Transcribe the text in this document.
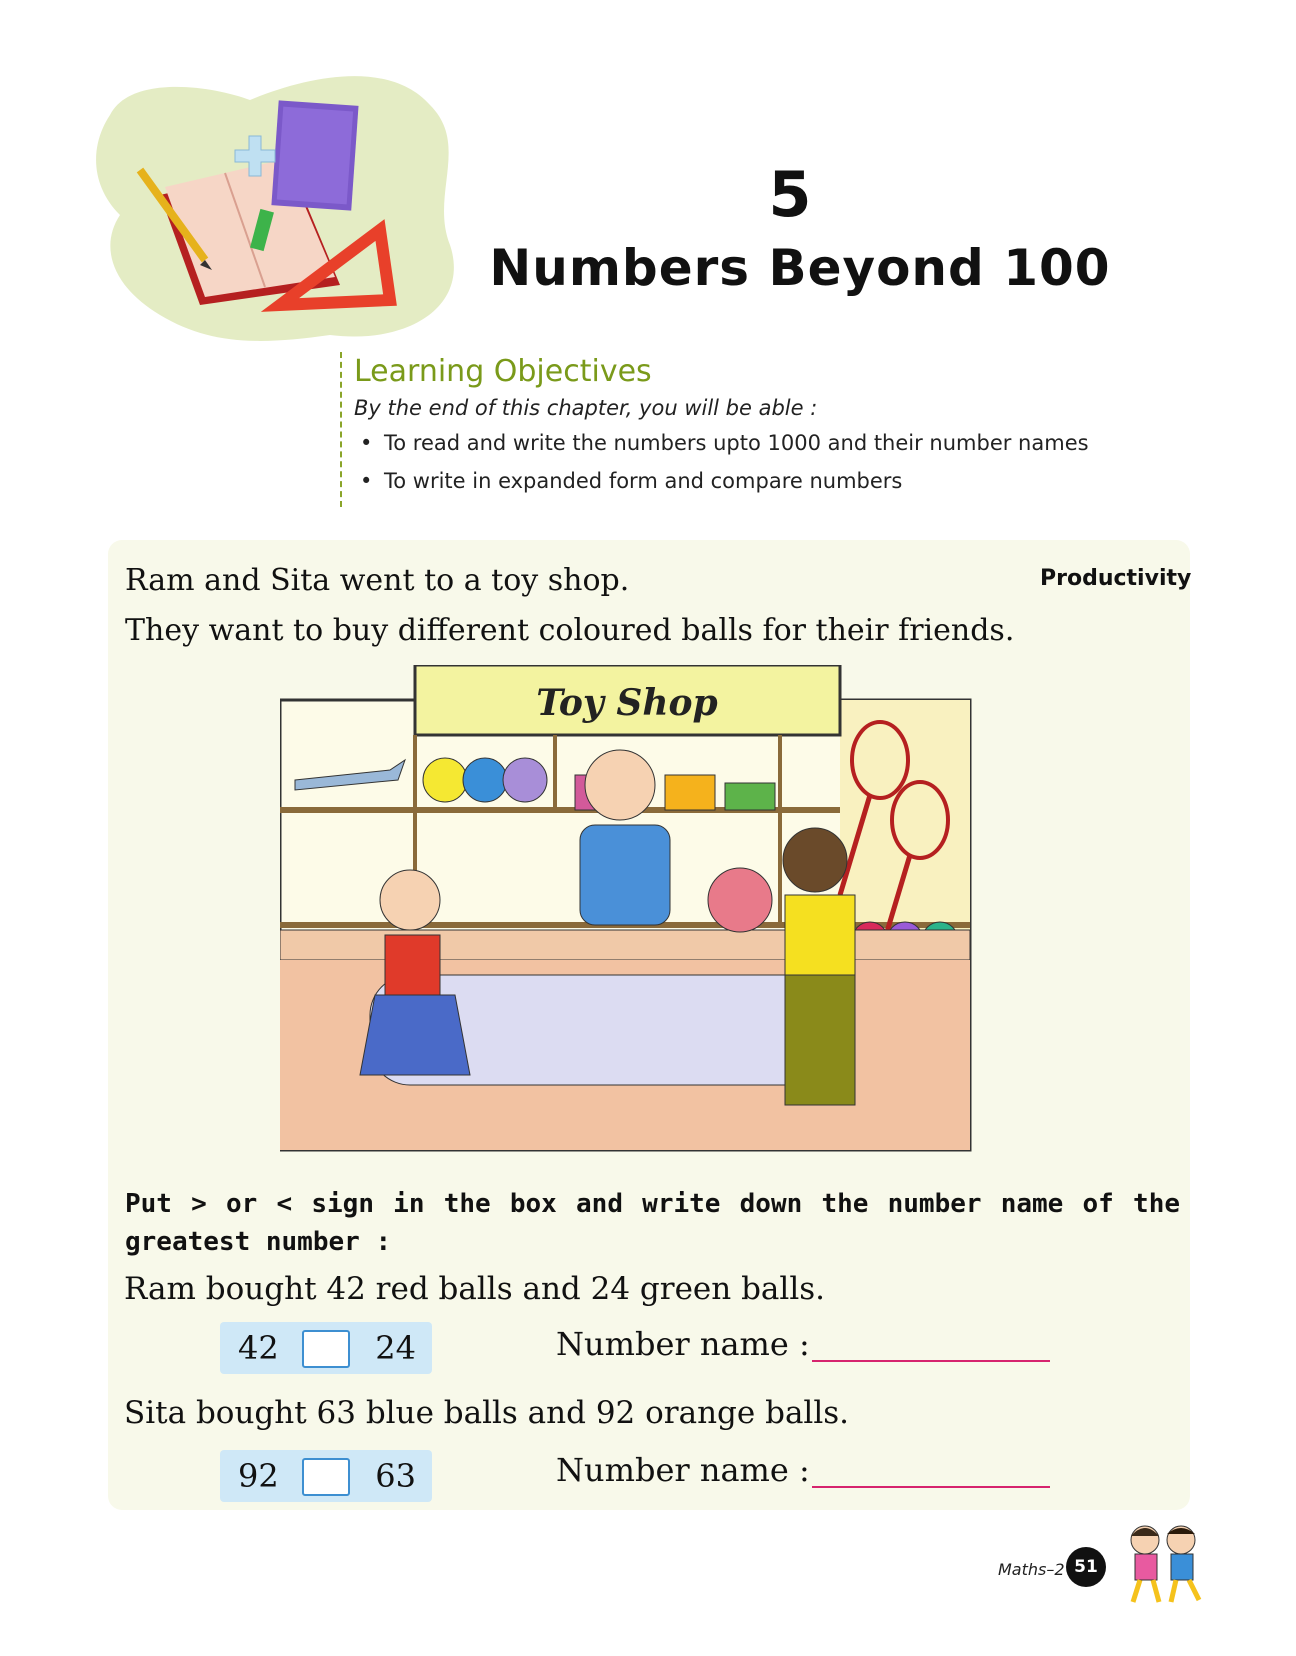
5
Numbers Beyond 100
Learning Objectives
By the end of this chapter, you will be able :
• To read and write the numbers upto 1000 and their number names
• To write in expanded form and compare numbers
Ram and Sita went to a toy shop.
They want to buy different coloured balls for their friends.
Productivity
Toy Shop
Put > or < sign in the box and write down the number name of the greatest number :
Ram bought 42 red balls and 24 green balls.
42	24	Number name :
Sita bought 63 blue balls and 92 orange balls.
92	63	Number name :
Maths–2 51
